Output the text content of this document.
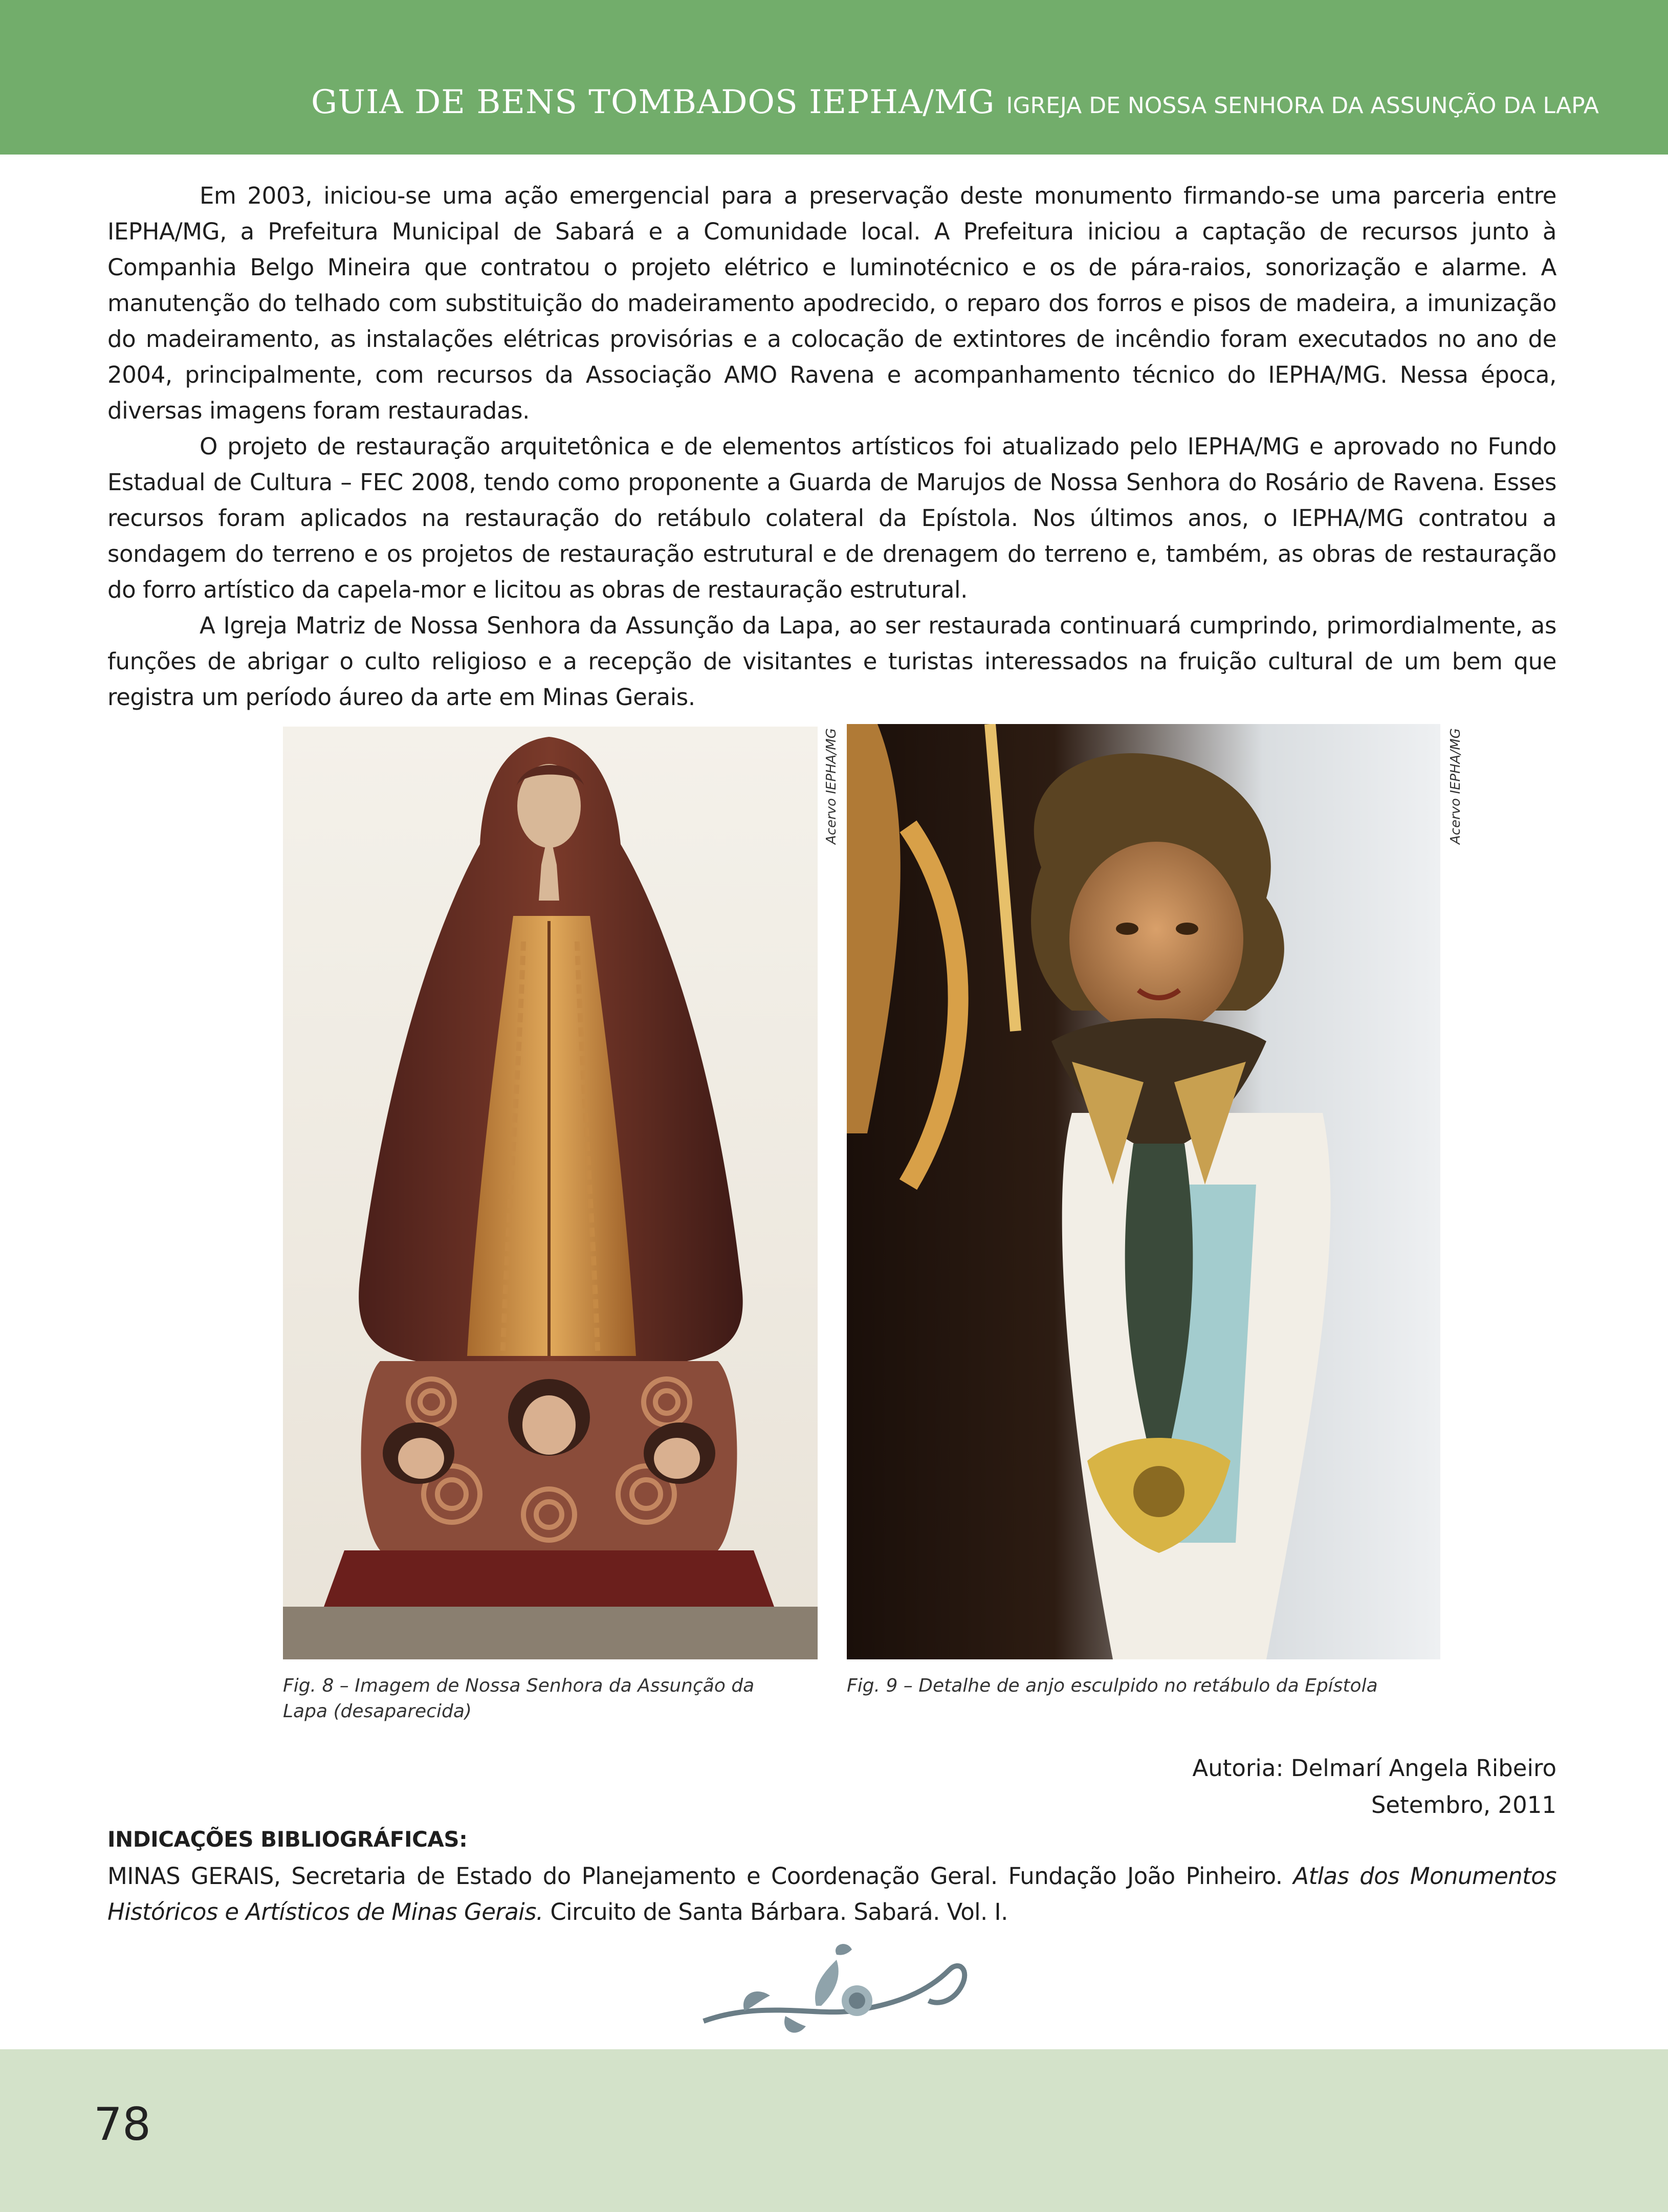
GUIA DE BENS TOMBADOS IEPHA/MG IGREJA DE NOSSA SENHORA DA ASSUNÇÃO DA LAPA

Em 2003, iniciou-se uma ação emergencial para a preservação deste monumento firmando-se uma parceria entre IEPHA/MG, a Prefeitura Municipal de Sabará e a Comunidade local. A Prefeitura iniciou a captação de recursos junto à Companhia Belgo Mineira que contratou o projeto elétrico e luminotécnico e os de pára-raios, sonorização e alarme. A manutenção do telhado com substituição do madeiramento apodrecido, o reparo dos forros e pisos de madeira, a imunização do madeiramento, as instalações elétricas provisórias e a colocação de extintores de incêndio foram executados no ano de 2004, principalmente, com recursos da Associação AMO Ravena e acompanhamento técnico do IEPHA/MG. Nessa época, diversas imagens foram restauradas.

O projeto de restauração arquitetônica e de elementos artísticos foi atualizado pelo IEPHA/MG e aprovado no Fundo Estadual de Cultura – FEC 2008, tendo como proponente a Guarda de Marujos de Nossa Senhora do Rosário de Ravena. Esses recursos foram aplicados na restauração do retábulo colateral da Epístola. Nos últimos anos, o IEPHA/MG contratou a sondagem do terreno e os projetos de restauração estrutural e de drenagem do terreno e, também, as obras de restauração do forro artístico da capela-mor e licitou as obras de restauração estrutural.

A Igreja Matriz de Nossa Senhora da Assunção da Lapa, ao ser restaurada continuará cumprindo, primordialmente, as funções de abrigar o culto religioso e a recepção de visitantes e turistas interessados na fruição cultural de um bem que registra um período áureo da arte em Minas Gerais.

Acervo IEPHA/MG	Acervo IEPHA/MG
Fig. 8 – Imagem de Nossa Senhora da Assunção da Lapa (desaparecida)
Fig. 9 – Detalhe de anjo esculpido no retábulo da Epístola
Autoria: Delmarí Angela Ribeiro
Setembro, 2011
INDICAÇÕES BIBLIOGRÁFICAS:
MINAS GERAIS, Secretaria de Estado do Planejamento e Coordenação Geral. Fundação João Pinheiro. Atlas dos Monumentos Históricos e Artísticos de Minas Gerais. Circuito de Santa Bárbara. Sabará. Vol. I.
78
